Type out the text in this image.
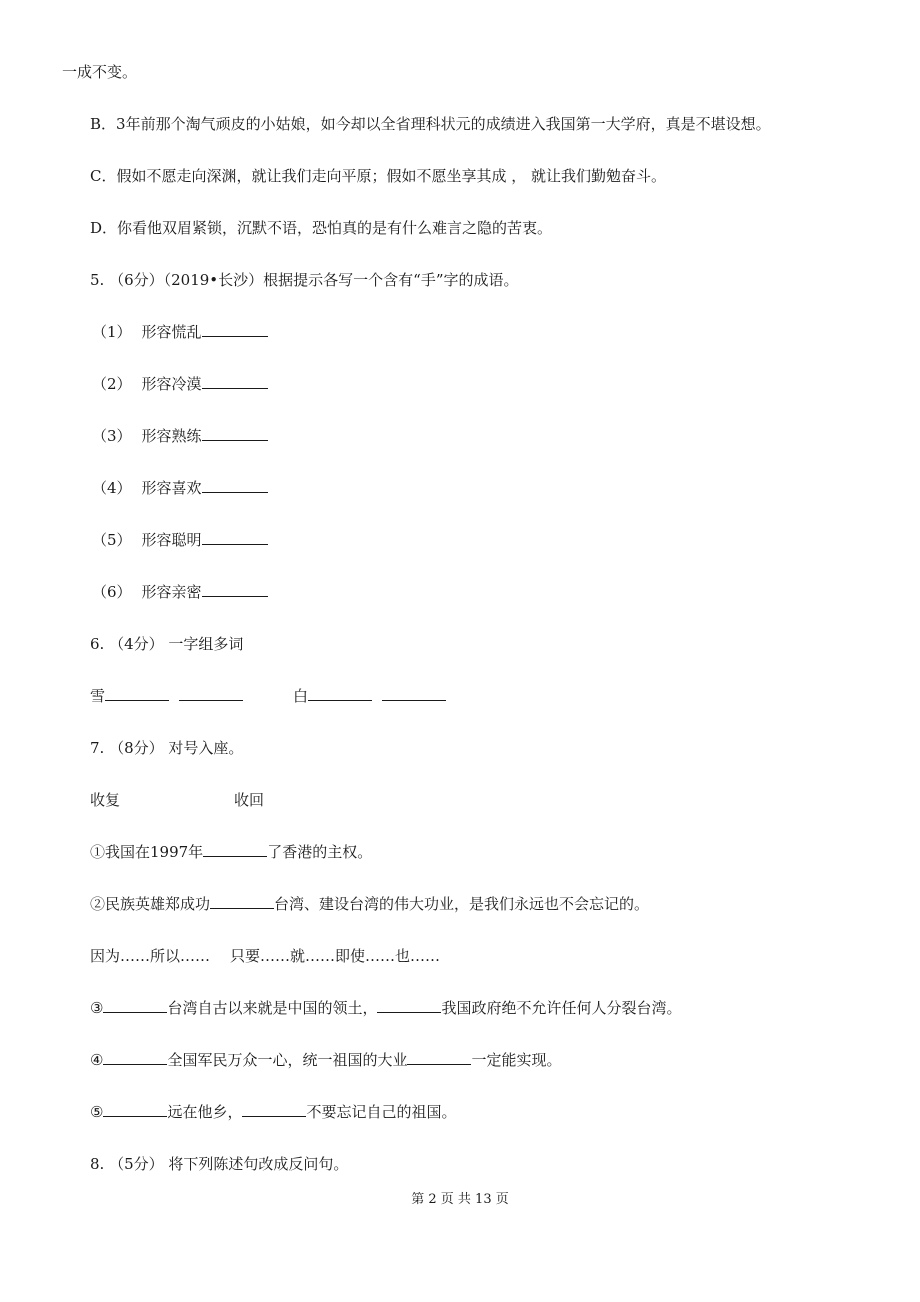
一成不变。
B．3年前那个淘气顽皮的小姑娘，如今却以全省理科状元的成绩进入我国第一大学府，真是不堪设想。
C．假如不愿走向深渊，就让我们走向平原；假如不愿坐享其成 ， 就让我们勤勉奋斗。
D．你看他双眉紧锁，沉默不语，恐怕真的是有什么难言之隐的苦衷。
5. （6分）（2019•长沙）根据提示各写一个含有“手”字的成语。
（1） 形容慌乱
（2） 形容冷漠
（3） 形容熟练
（4） 形容喜欢
（5） 形容聪明
（6） 形容亲密
6. （4分） 一字组多词
雪	白
7. （8分） 对号入座。
收复	收回
①我国在1997年	了香港的主权。
②民族英雄郑成功	台湾、建设台湾的伟大功业，是我们永远也不会忘记的。
因为……所以…… 只要……就……即使……也……
③	台湾自古以来就是中国的领土，	我国政府绝不允许任何人分裂台湾。
④	全国军民万众一心，统一祖国的大业	一定能实现。
⑤	远在他乡，	不要忘记自己的祖国。
8. （5分） 将下列陈述句改成反问句。
第 2 页 共 13 页
